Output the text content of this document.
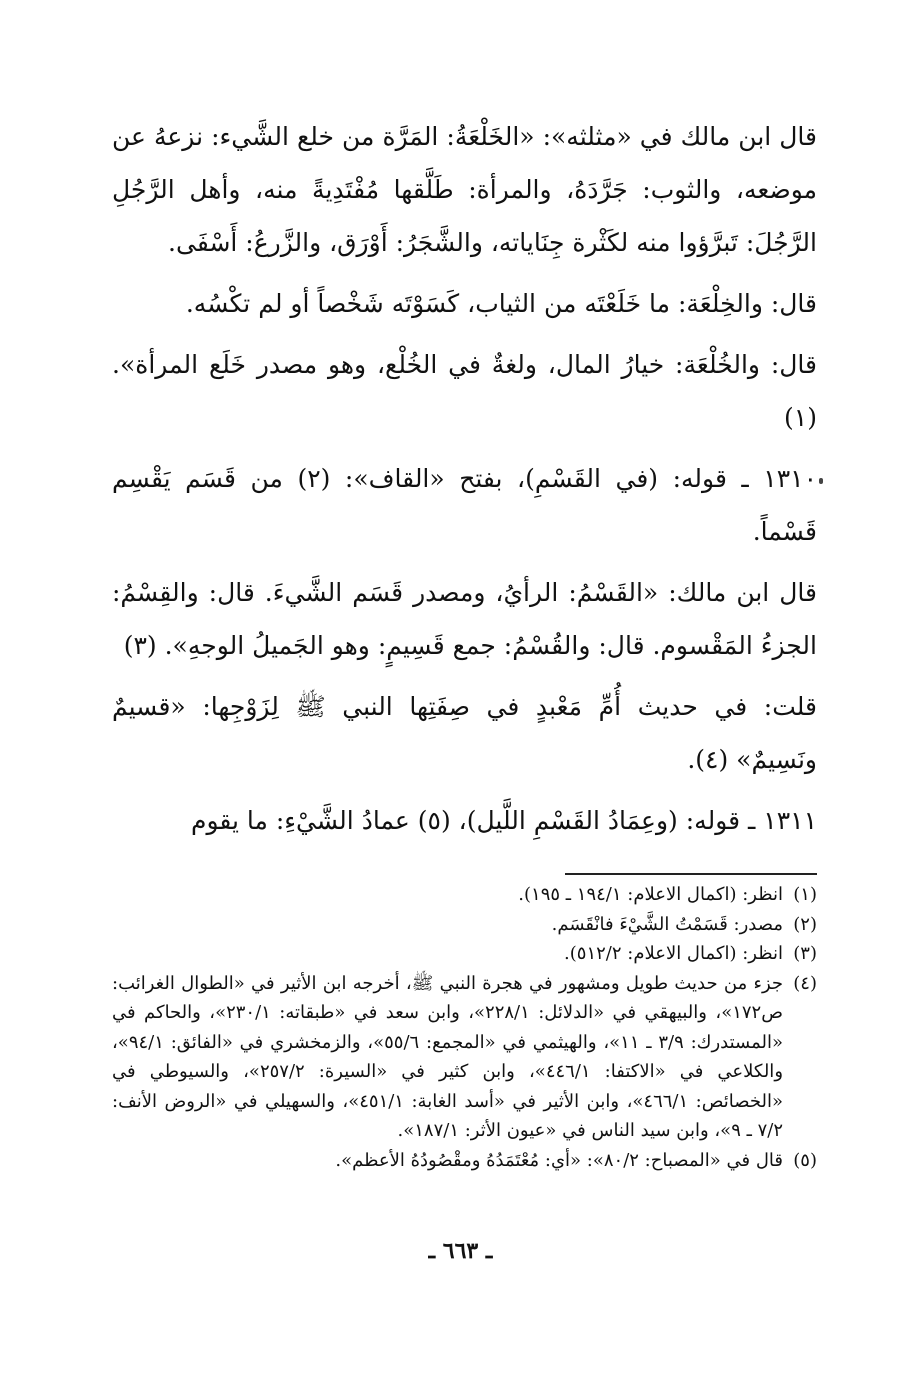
قال ابن مالك في «مثلثه»: «الخَلْعَةُ: المَرَّة من خلع الشَّيء: نزعهُ عن موضعه، والثوب: جَرَّدَهُ، والمرأة: طَلَّقها مُفْتَدِيةً منه، وأهل الرَّجُلِ الرَّجُلَ: تَبرَّؤوا منه لكَثْرة جِنَاياته، والشَّجَرُ: أَوْرَق، والزَّرعُ: أَسْفَى.

قال: والخِلْعَة: ما خَلَعْتَه من الثياب، كَسَوْتَه شَخْصاً أو لم تكْسُه.

قال: والخُلْعَة: خيارُ المال، ولغةٌ في الخُلْع، وهو مصدر خَلَع المرأة». (١)

١٣١٠ ـ قوله: (في القَسْمِ)، بفتح «القاف»: (٢) من قَسَم يَقْسِم قَسْماً.

قال ابن مالك: «القَسْمُ: الرأيُ، ومصدر قَسَم الشَّيءَ. قال: والقِسْمُ: الجزءُ المَقْسوم. قال: والقُسْمُ: جمع قَسِيمٍ: وهو الجَميلُ الوجهِ». (٣)

قلت: في حديث أُمِّ مَعْبدٍ في صِفَتِها النبي ﷺ لِزَوْجِها: «قسيمٌ ونَسِيمٌ» (٤).

١٣١١ ـ قوله: (وعِمَادُ القَسْمِ اللَّيل)، (٥) عمادُ الشَّيْءِ: ما يقوم

(١)
انظر: (اكمال الاعلام: ١٩٤/١ ـ ١٩٥).
(٢)
مصدر: قَسَمْتُ الشَّيْءَ فانْقَسَم.
(٣)
انظر: (اكمال الاعلام: ٥١٢/٢).
(٤)
جزء من حديث طويل ومشهور في هجرة النبي ﷺ، أخرجه ابن الأثير في «الطوال الغرائب: ص١٧٢»، والبيهقي في «الدلائل: ٢٢٨/١»، وابن سعد في «طبقاته: ٢٣٠/١»، والحاكم في «المستدرك: ٣/٩ ـ ١١»، والهيثمي في «المجمع: ٥٥/٦»، والزمخشري في «الفائق: ٩٤/١»، والكلاعي في «الاكتفا: ٤٤٦/١»، وابن كثير في «السيرة: ٢٥٧/٢»، والسيوطي في «الخصائص: ٤٦٦/١»، وابن الأثير في «أسد الغابة: ٤٥١/١»، والسهيلي في «الروض الأنف: ٧/٢ ـ ٩»، وابن سيد الناس في «عيون الأثر: ١٨٧/١».
(٥)
قال في «المصباح: ٨٠/٢»: «أي: مُعْتَمَدُهُ ومقْصُودُهُ الأعظم».
ـ ٦٦٣ ـ
